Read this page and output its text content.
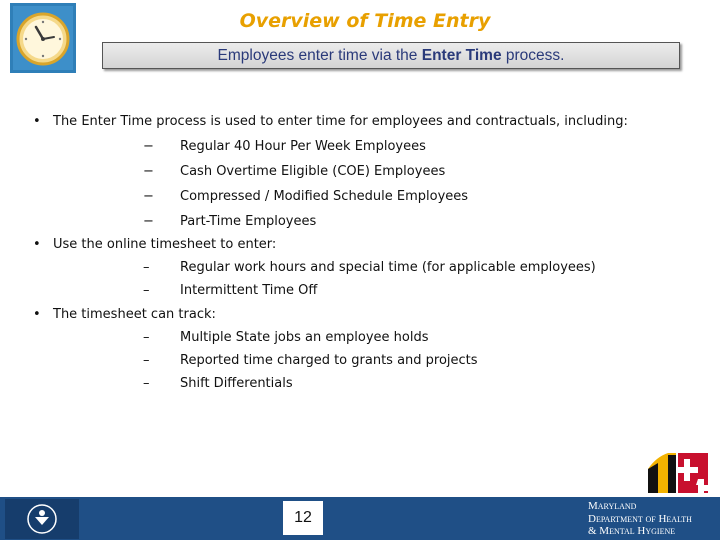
Overview of Time Entry
Employees enter time via the Enter Time process.
• The Enter Time process is used to enter time for employees and contractuals, including:
− Regular 40 Hour Per Week Employees
− Cash Overtime Eligible (COE) Employees
− Compressed / Modified Schedule Employees
− Part-Time Employees
• Use the online timesheet to enter:
– Regular work hours and special time (for applicable employees)
– Intermittent Time Off
• The timesheet can track:
– Multiple State jobs an employee holds
– Reported time charged to grants and projects
– Shift Differentials
12
Maryland
Department of Health
& Mental Hygiene
